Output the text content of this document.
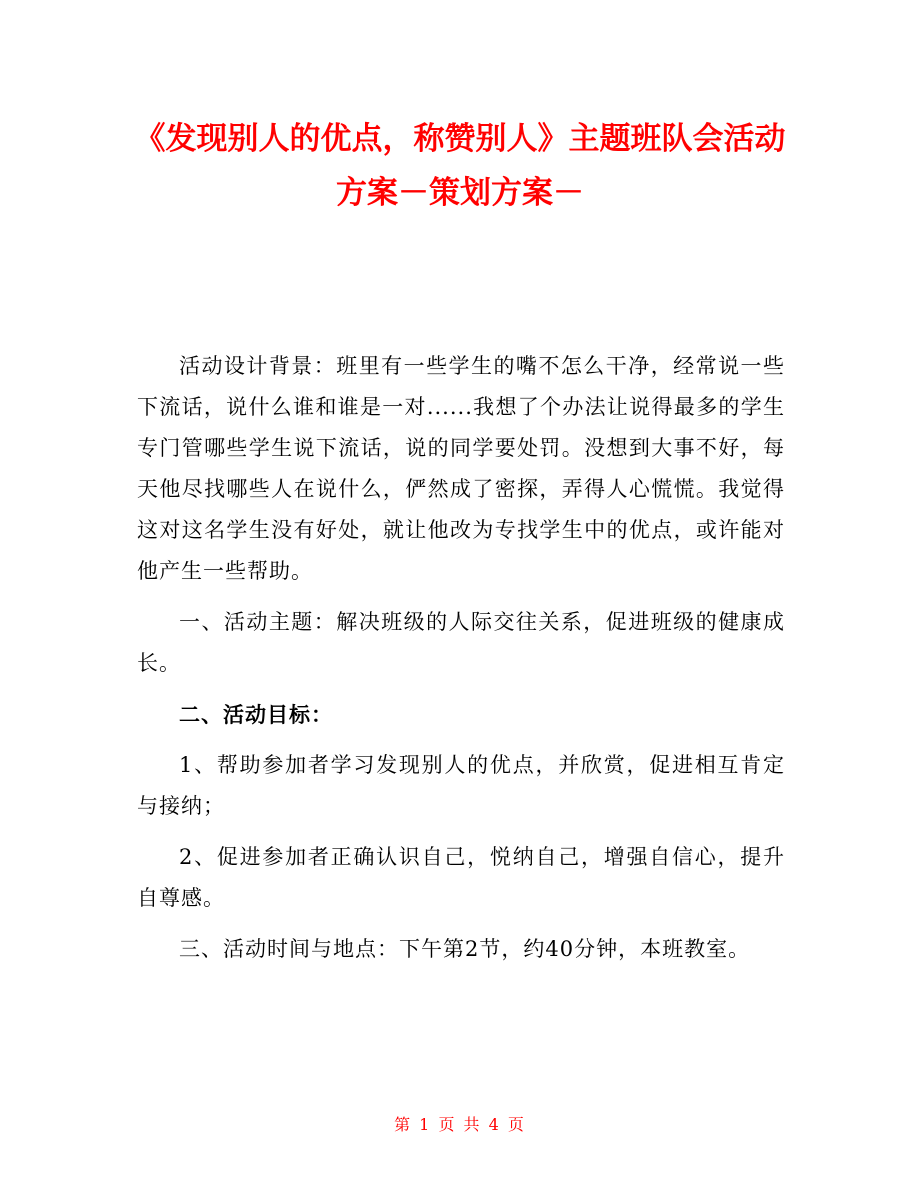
《发现别人的优点，称赞别人》主题班队会活动方案－策划方案－

活动设计背景：班里有一些学生的嘴不怎么干净，经常说一些下流话，说什么谁和谁是一对......我想了个办法让说得最多的学生专门管哪些学生说下流话，说的同学要处罚。没想到大事不好，每天他尽找哪些人在说什么，俨然成了密探，弄得人心慌慌。我觉得这对这名学生没有好处，就让他改为专找学生中的优点，或许能对他产生一些帮助。

一、活动主题：解决班级的人际交往关系，促进班级的健康成长。

二、活动目标：

1、帮助参加者学习发现别人的优点，并欣赏，促进相互肯定与接纳；

2、促进参加者正确认识自己，悦纳自己，增强自信心，提升自尊感。

三、活动时间与地点：下午第2节，约40分钟，本班教室。

第 1 页 共 4 页
